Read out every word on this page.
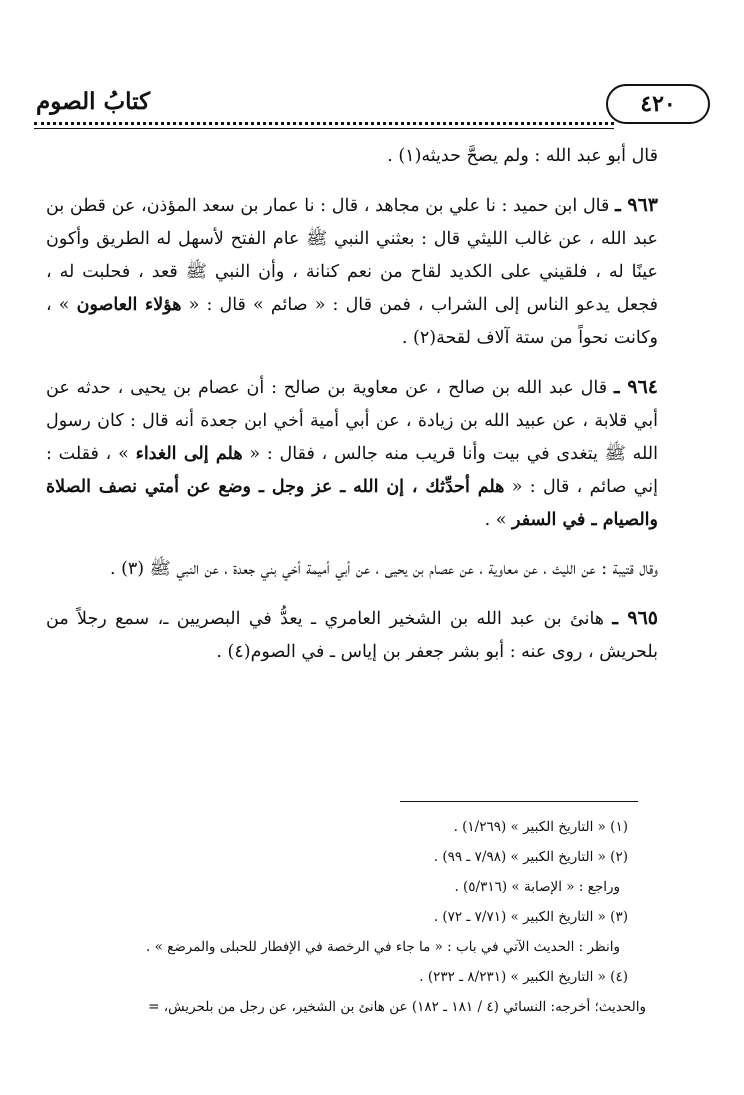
٤٢٠
كتابُ الصوم

قال أبو عبد الله : ولم يصحَّ حديثه(١) .

٩٦٣ ـ قال ابن حميد : نا علي بن مجاهد ، قال : نا عمار بن سعد المؤذن، عن قطن بن عبد الله ، عن غالب الليثي قال : بعثني النبي ﷺ عام الفتح لأسهل له الطريق وأكون عينًا له ، فلقيني على الكديد لقاح من نعم كنانة ، وأن النبي ﷺ قعد ، فحلبت له ، فجعل يدعو الناس إلى الشراب ، فمن قال : « صائم » قال : « هؤلاء العاصون » ، وكانت نحواً من ستة آلاف لقحة(٢) .

٩٦٤ ـ قال عبد الله بن صالح ، عن معاوية بن صالح : أن عصام بن يحيى ، حدثه عن أبي قلابة ، عن عبيد الله بن زيادة ، عن أبي أمية أخي ابن جعدة أنه قال : كان رسول الله ﷺ يتغدى في بيت وأنا قريب منه جالس ، فقال : « هلم إلى الغداء » ، فقلت : إني صائم ، قال : « هلم أحدِّثك ، إن الله ـ عز وجل ـ وضع عن أمتي نصف الصلاة والصيام ـ في السفر » .

وقال قتيبة : عن الليث ، عن معاوية ، عن عصام بن يحيى ، عن أبي أميمة أخي بني جعدة ، عن النبي ﷺ (٣) .

٩٦٥ ـ هانئ بن عبد الله بن الشخير العامري ـ يعدُّ في البصريين ـ، سمع رجلاً من بلحريش ، روى عنه : أبو بشر جعفر بن إياس ـ في الصوم(٤) .

(١) « التاريخ الكبير » (١/٢٦٩) .

(٢) « التاريخ الكبير » (٧/٩٨ ـ ٩٩) .

وراجع : « الإصابة » (٥/٣١٦) .

(٣) « التاريخ الكبير » (٧/٧١ ـ ٧٢) .

وانظر : الحديث الآتي في باب : « ما جاء في الرخصة في الإفطار للحبلى والمرضع » .

(٤) « التاريخ الكبير » (٨/٢٣١ ـ ٢٣٢) .

والحديث؛ أخرجه: النسائي (٤ / ١٨١ ـ ١٨٢) عن هانئ بن الشخير، عن رجل من بلحريش، =
